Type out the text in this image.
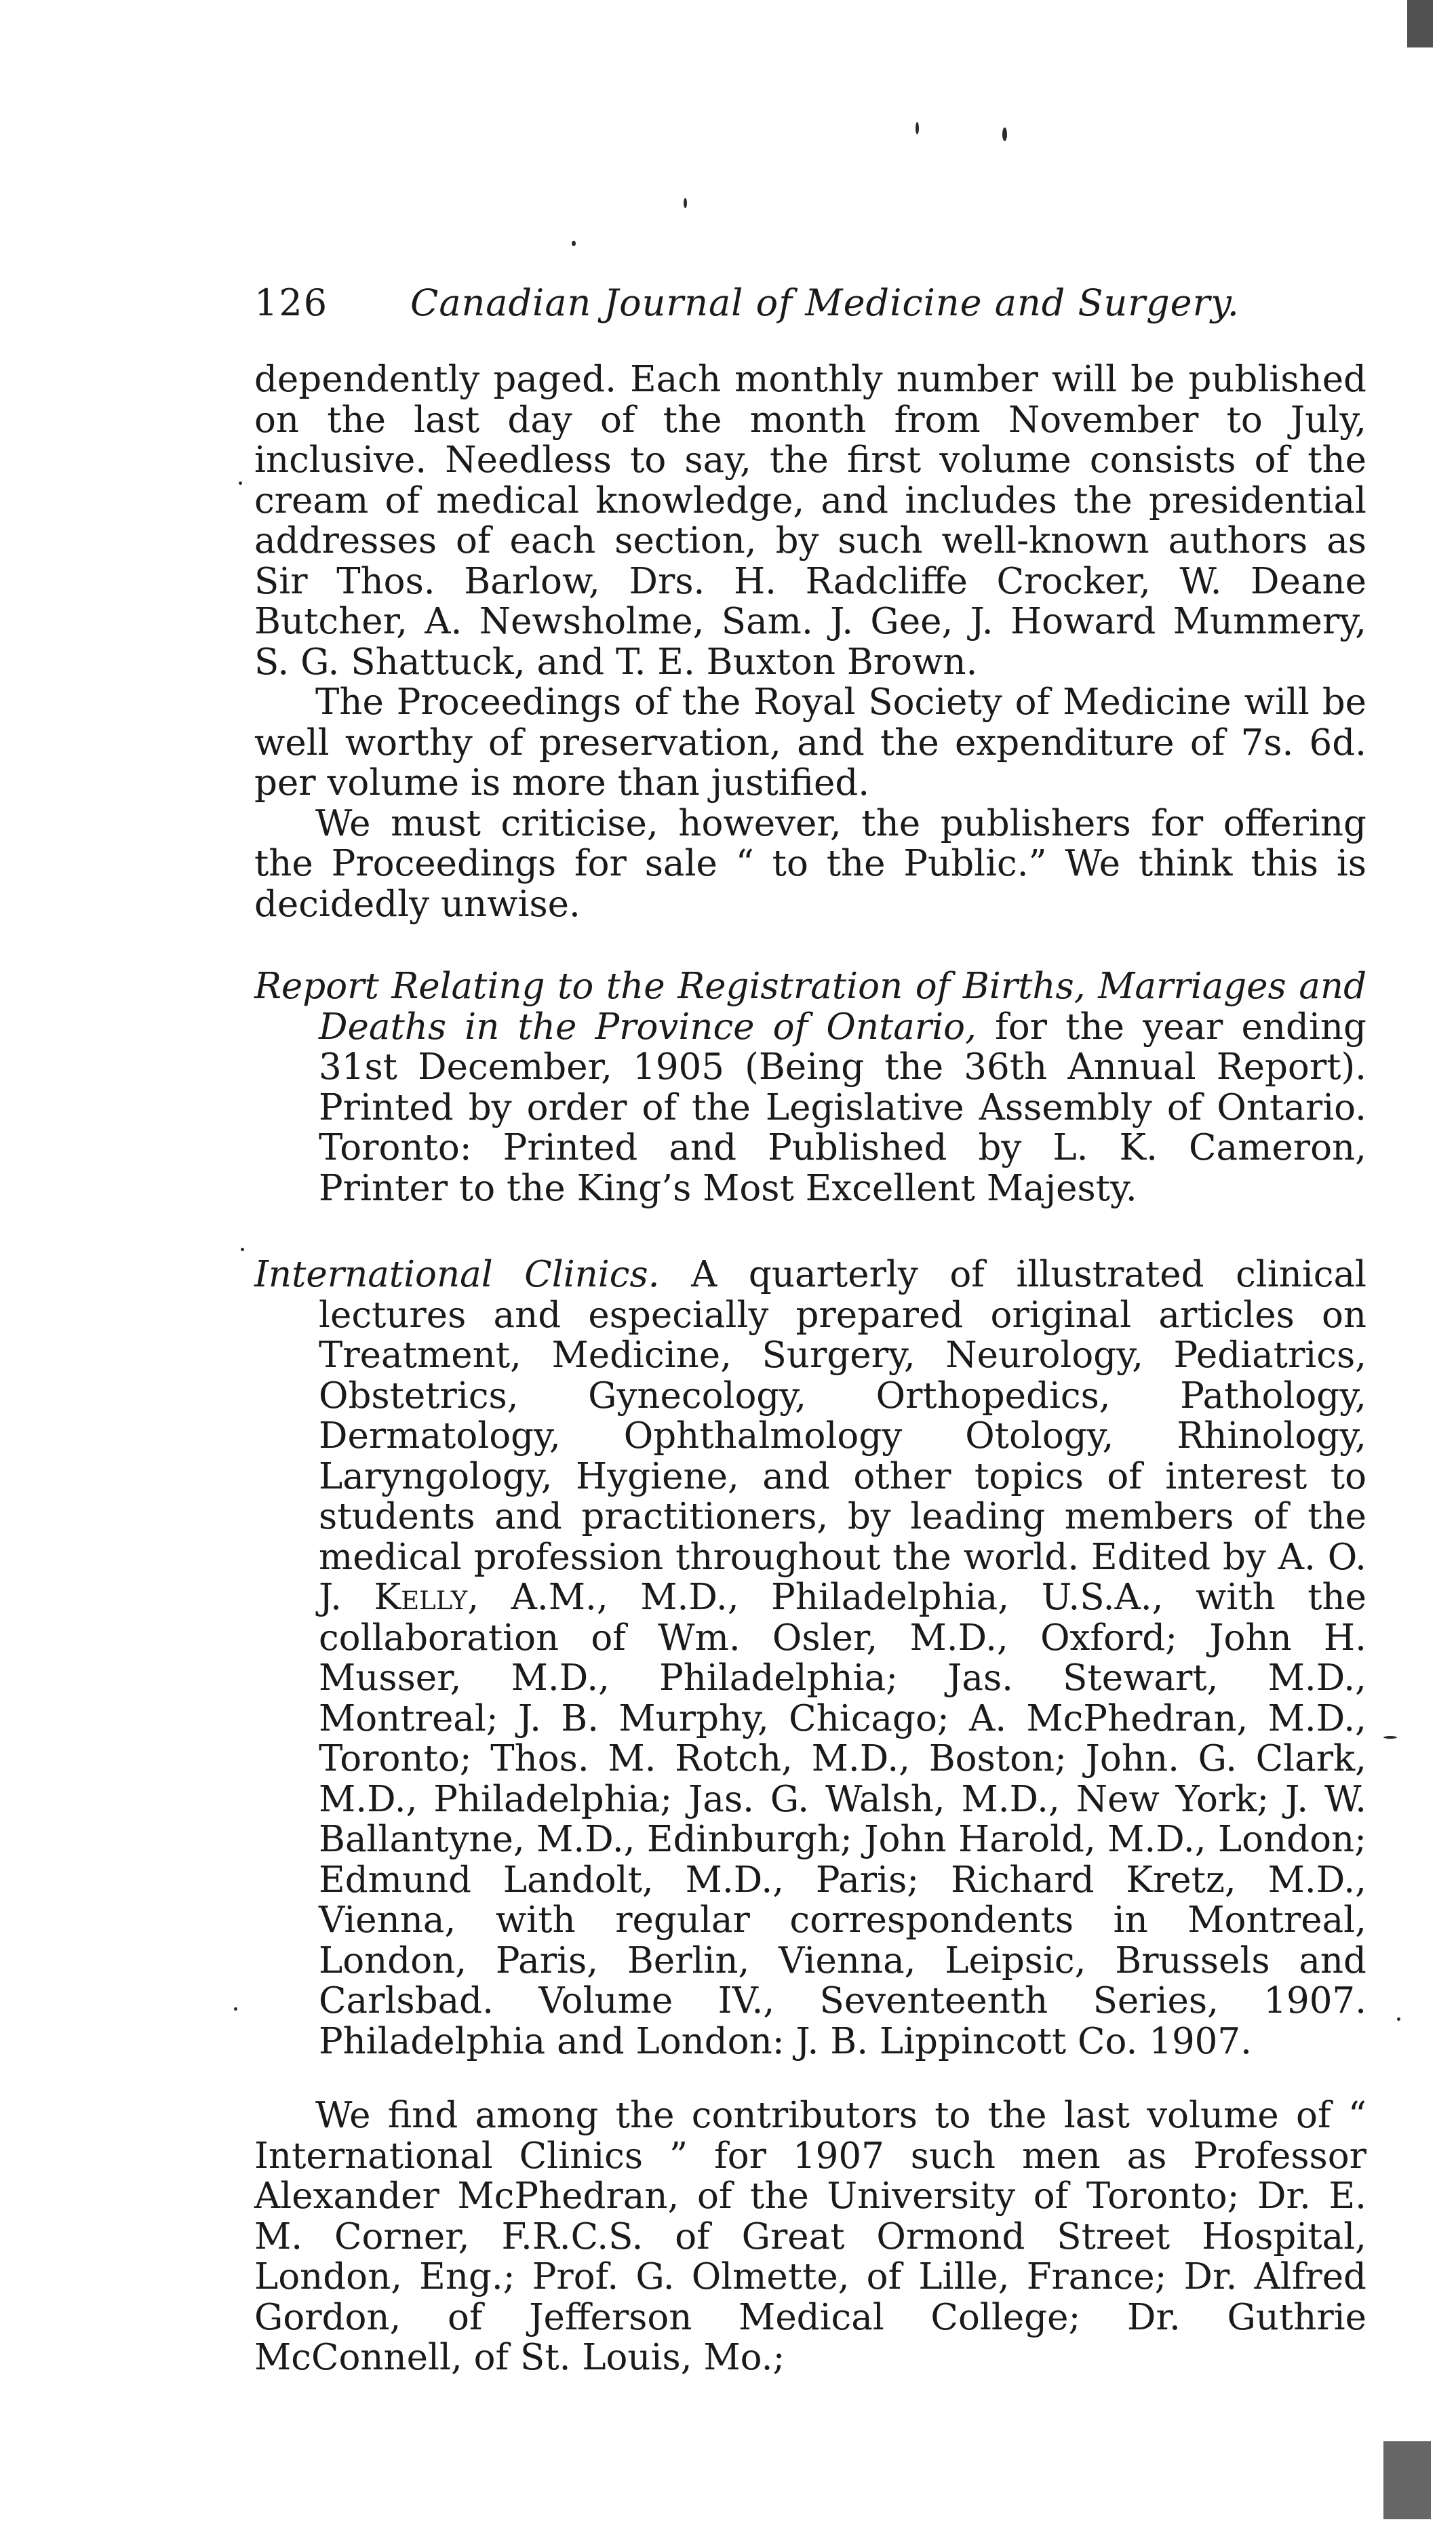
126 Canadian Journal of Medicine and Surgery.

dependently paged. Each monthly number will be published on the last day of the month from November to July, inclusive. Needless to say, the first volume consists of the cream of medical knowledge, and includes the presidential addresses of each section, by such well-known authors as Sir Thos. Barlow, Drs. H. Radcliffe Crocker, W. Deane Butcher, A. Newsholme, Sam. J. Gee, J. Howard Mummery, S. G. Shattuck, and T. E. Buxton Brown.

The Proceedings of the Royal Society of Medicine will be well worthy of preservation, and the expenditure of 7s. 6d. per volume is more than justified.

We must criticise, however, the publishers for offering the Proceedings for sale “ to the Public.” We think this is decidedly unwise.

Report Relating to the Registration of Births, Marriages and Deaths in the Province of Ontario, for the year ending 31st December, 1905 (Being the 36th Annual Report). Printed by order of the Legislative Assembly of Ontario. Toronto: Printed and Published by L. K. Cameron, Printer to the King’s Most Excellent Majesty.

International Clinics. A quarterly of illustrated clinical lectures and especially prepared original articles on Treatment, Medicine, Surgery, Neurology, Pediatrics, Obstetrics, Gynecology, Orthopedics, Pathology, Dermatology, Ophthalmology Otology, Rhinology, Laryngology, Hygiene, and other topics of interest to students and practitioners, by leading members of the medical profession throughout the world. Edited by A. O. J. Kelly, A.M., M.D., Philadelphia, U.S.A., with the collaboration of Wm. Osler, M.D., Oxford; John H. Musser, M.D., Philadelphia; Jas. Stewart, M.D., Montreal; J. B. Murphy, Chicago; A. McPhedran, M.D., Toronto; Thos. M. Rotch, M.D., Boston; John. G. Clark, M.D., Philadelphia; Jas. G. Walsh, M.D., New York; J. W. Ballantyne, M.D., Edinburgh; John Harold, M.D., London; Edmund Landolt, M.D., Paris; Richard Kretz, M.D., Vienna, with regular correspondents in Montreal, London, Paris, Berlin, Vienna, Leipsic, Brussels and Carlsbad. Volume IV., Seventeenth Series, 1907. Philadelphia and London: J. B. Lippincott Co. 1907.

We find among the contributors to the last volume of “ International Clinics ” for 1907 such men as Professor Alexander McPhedran, of the University of Toronto; Dr. E. M. Corner, F.R.C.S. of Great Ormond Street Hospital, London, Eng.; Prof. G. Olmette, of Lille, France; Dr. Alfred Gordon, of Jefferson Medical College; Dr. Guthrie McConnell, of St. Louis, Mo.;
